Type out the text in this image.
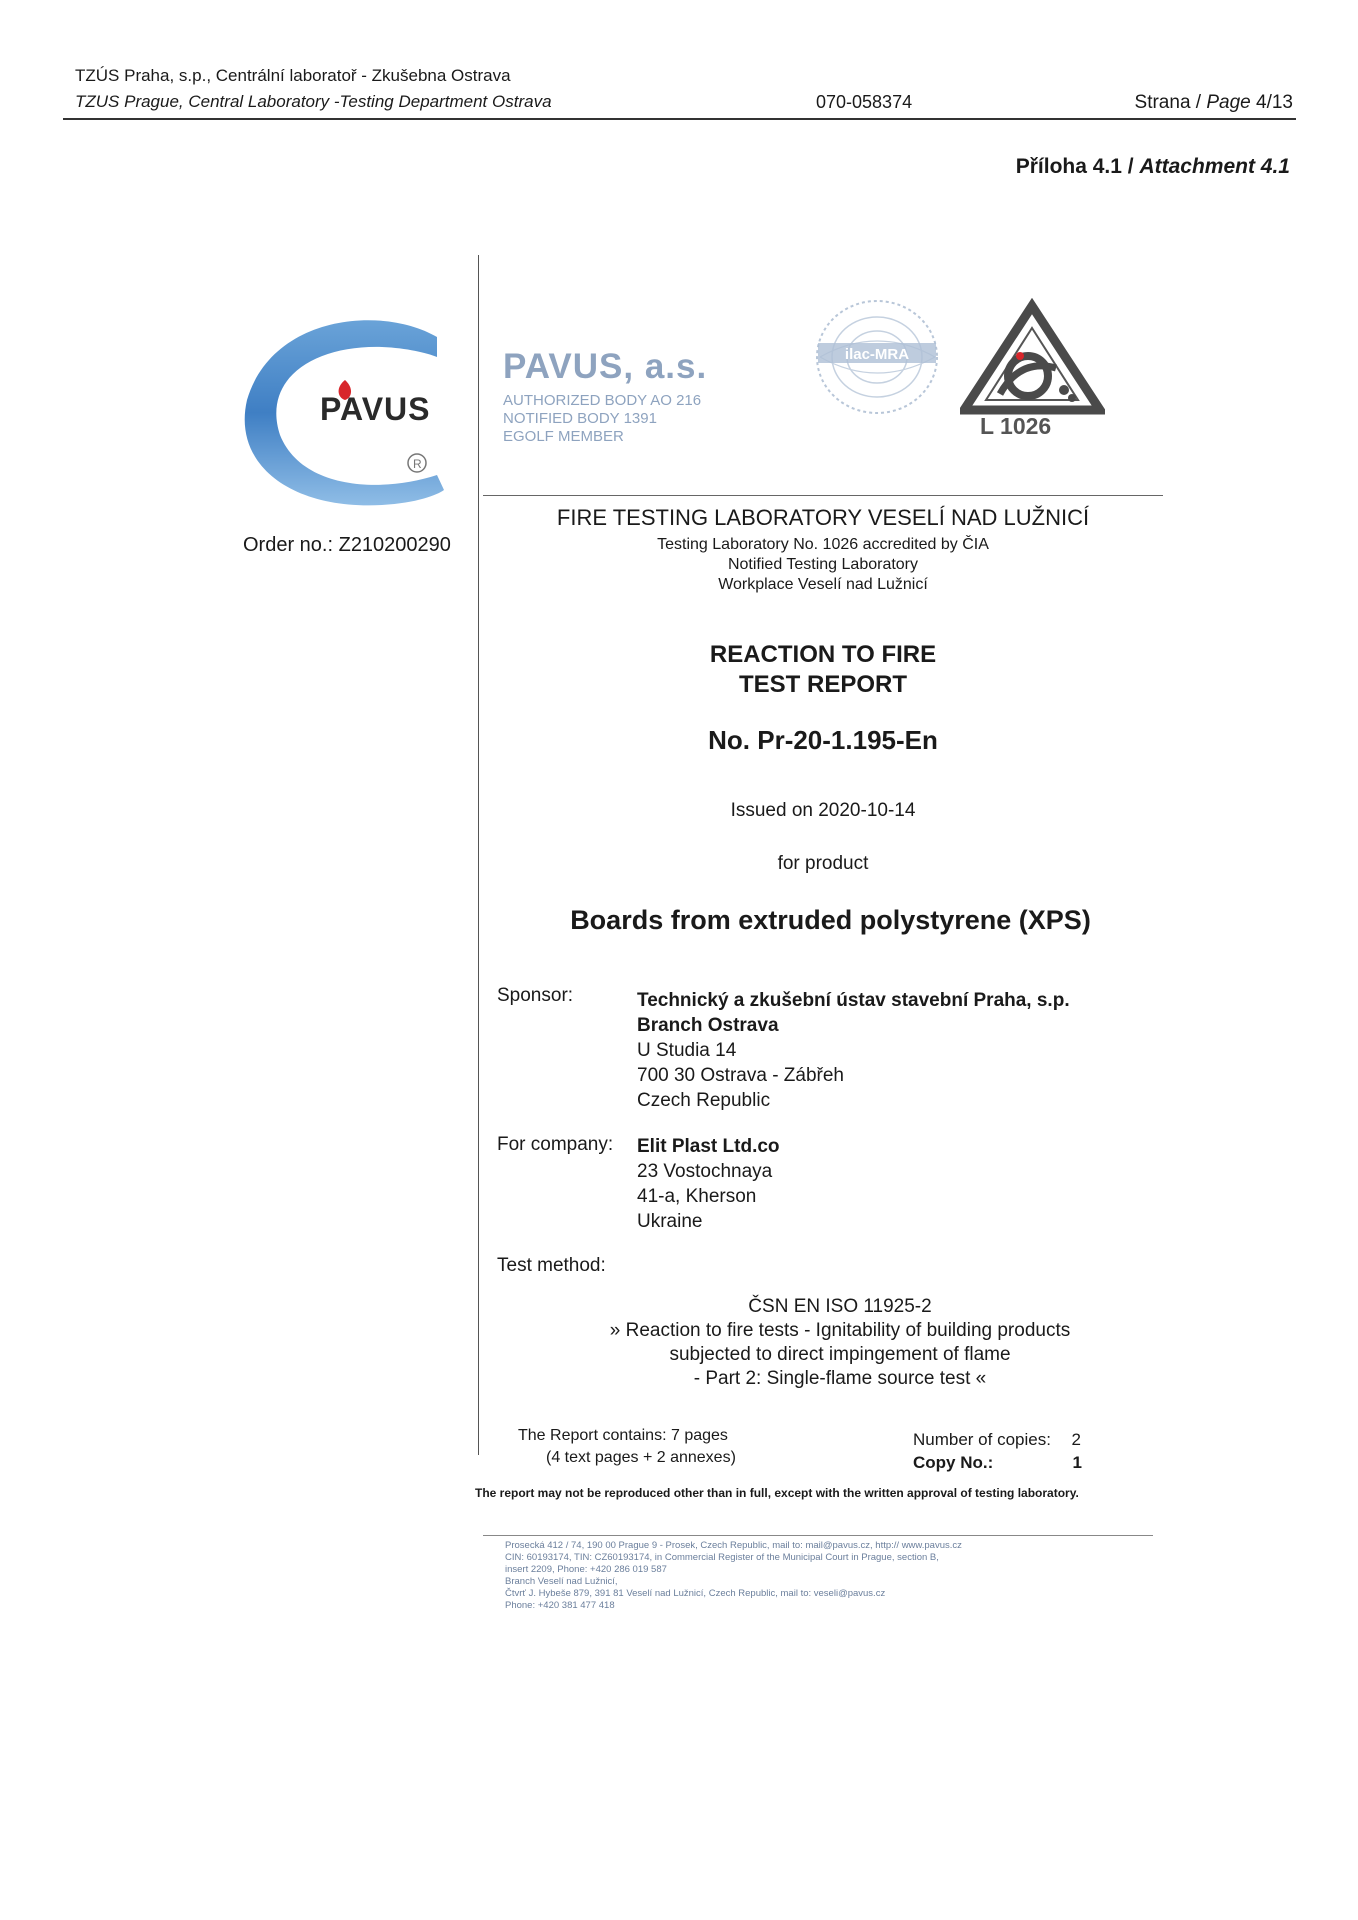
TZÚS Praha, s.p., Centrální laboratoř - Zkušebna Ostrava
TZUS Prague, Central Laboratory -Testing Department Ostrava	070-058374	Strana / Page 4/13
Příloha 4.1 / Attachment 4.1
PAVUS
R
Order no.: Z210200290
PAVUS, a.s.
AUTHORIZED BODY AO 216
NOTIFIED BODY 1391
EGOLF MEMBER
ilac-MRA
L 1026
FIRE TESTING LABORATORY VESELÍ NAD LUŽNICÍ
Testing Laboratory No. 1026 accredited by ČIA
Notified Testing Laboratory
Workplace Veselí nad Lužnicí
REACTION TO FIRE
TEST REPORT
No. Pr-20-1.195-En
Issued on 2020-10-14
for product
Boards from extruded polystyrene (XPS)
Sponsor:	Technický a zkušební ústav stavební Praha, s.p.
Branch Ostrava
U Studia 14
700 30 Ostrava - Zábřeh
Czech Republic
For company: Elit Plast Ltd.co
23 Vostochnaya
41-a, Kherson
Ukraine
Test method:
ČSN EN ISO 11925-2
» Reaction to fire tests - Ignitability of building products
subjected to direct impingement of flame
- Part 2: Single-flame source test «
The Report contains: 7 pages
(4 text pages + 2 annexes)
Number of copies: 2
Copy No.:	1
The report may not be reproduced other than in full, except with the written approval of testing laboratory.
Prosecká 412 / 74, 190 00 Prague 9 - Prosek, Czech Republic, mail to: mail@pavus.cz, http:// www.pavus.cz
CIN: 60193174, TIN: CZ60193174, in Commercial Register of the Municipal Court in Prague, section B,
insert 2209, Phone: +420 286 019 587
Branch Veselí nad Lužnicí,
Čtvrť J. Hybeše 879, 391 81 Veselí nad Lužnicí, Czech Republic, mail to: veseli@pavus.cz
Phone: +420 381 477 418
